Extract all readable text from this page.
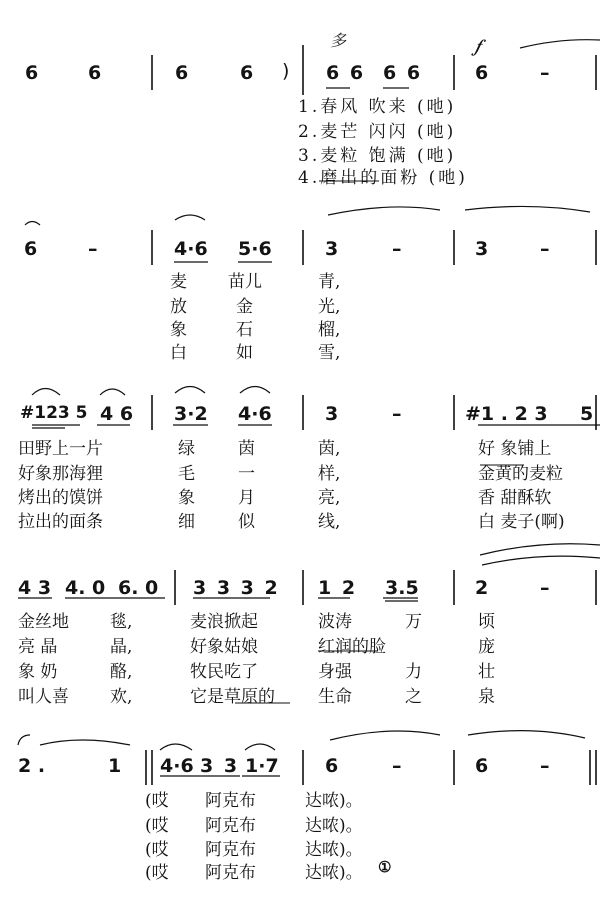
多	𝆑
6	6	6	6 ) 6 6 6 6	6	–
1.春风 吹来 (吔)
2.麦芒 闪闪 (吔)
3.麦粒 饱满 (吔)
4.磨出的面粉 (吔)
6	–	4·6 5·6	3	–	3	–
麦 苗儿	青,
放	金	光,
象	石	榴,
白	如	雪,
#123 5 4 6 3·2 4·6	3	–	#1 . 2 3 5
田野上一片	绿	茵	茵,	好 象铺上
好象那海狸	毛	一	样,	金黄的麦粒
烤出的馍饼	象	月	亮,	香 甜酥软
拉出的面条	细	似	线,	白 麦子(啊)
4 3 4. 0 6. 0 3 3 3 2 1 2 3.5	2	–
金丝地 毯,	麦浪掀起	波涛	万	顷
亮 晶	晶,	好象姑娘	红润的脸	庞
象 奶	酪,	牧民吃了	身强	力	壮
叫人喜 欢,	它是草原的	生命	之	泉
2 .	1 4·6 3 3 1·7 6	–	6	–
(哎 阿克布	达哝)。
(哎 阿克布	达哝)。
(哎 阿克布	达哝)。
(哎 阿克布	达哝)。 ①
